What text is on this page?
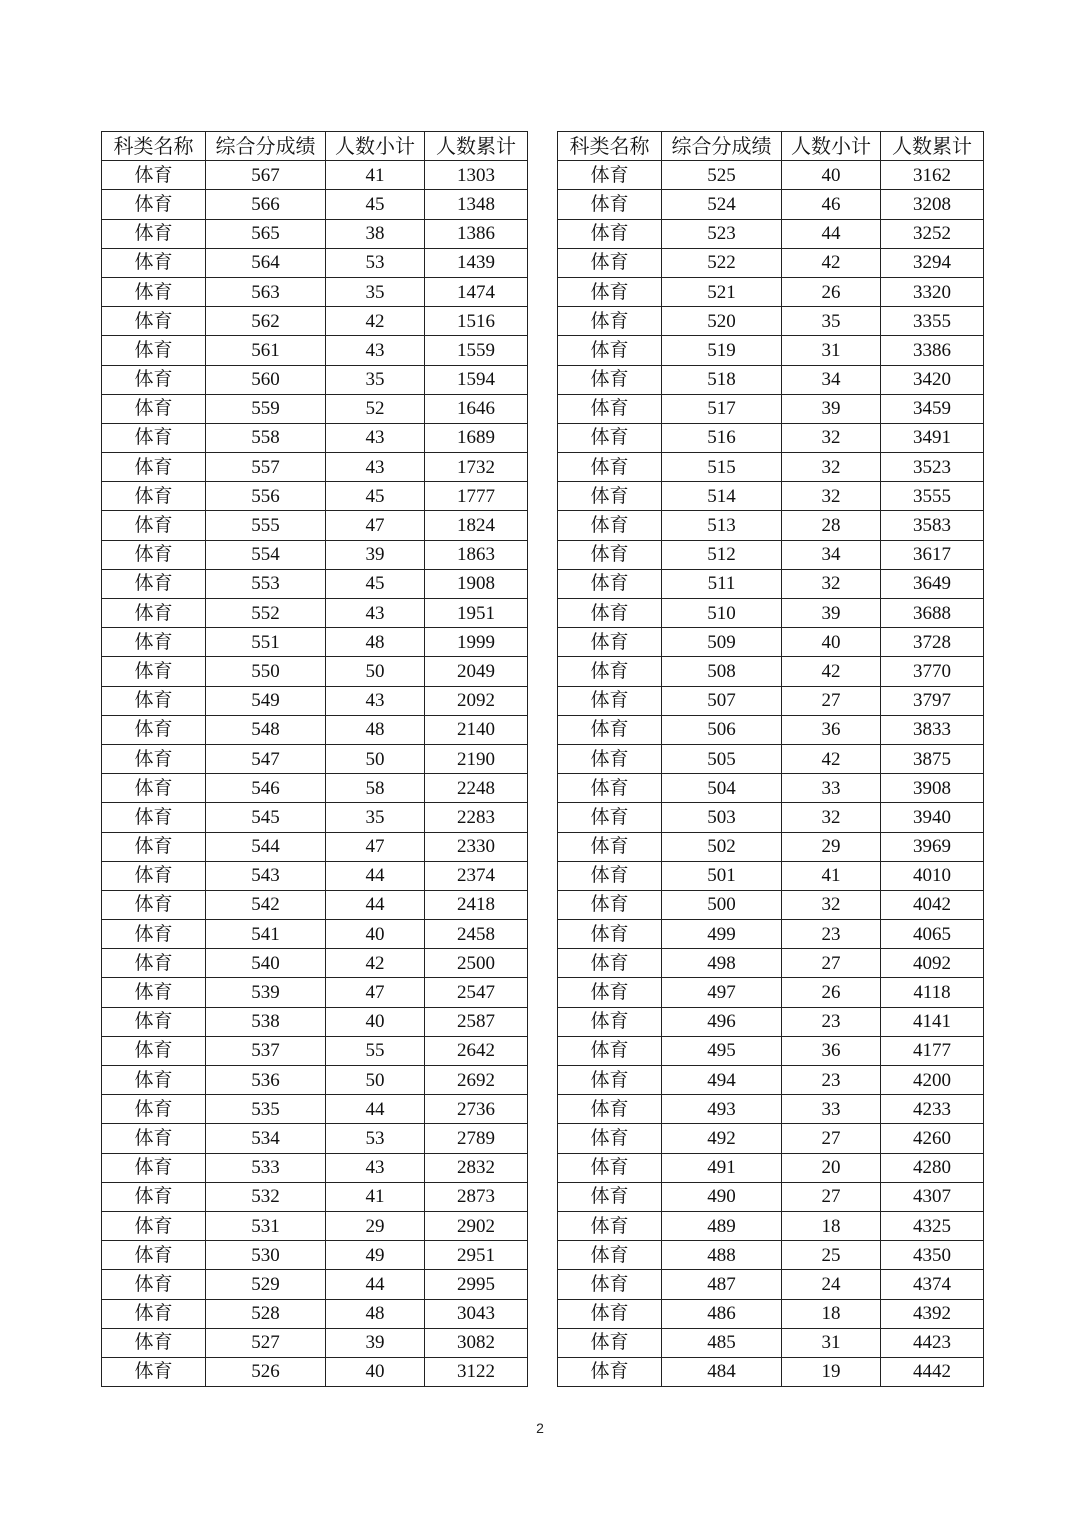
科类名称	综合分成绩	人数小计	人数累计
体育	567	41	1303
体育	566	45	1348
体育	565	38	1386
体育	564	53	1439
体育	563	35	1474
体育	562	42	1516
体育	561	43	1559
体育	560	35	1594
体育	559	52	1646
体育	558	43	1689
体育	557	43	1732
体育	556	45	1777
体育	555	47	1824
体育	554	39	1863
体育	553	45	1908
体育	552	43	1951
体育	551	48	1999
体育	550	50	2049
体育	549	43	2092
体育	548	48	2140
体育	547	50	2190
体育	546	58	2248
体育	545	35	2283
体育	544	47	2330
体育	543	44	2374
体育	542	44	2418
体育	541	40	2458
体育	540	42	2500
体育	539	47	2547
体育	538	40	2587
体育	537	55	2642
体育	536	50	2692
体育	535	44	2736
体育	534	53	2789
体育	533	43	2832
体育	532	41	2873
体育	531	29	2902
体育	530	49	2951
体育	529	44	2995
体育	528	48	3043
体育	527	39	3082
体育	526	40	3122
科类名称	综合分成绩	人数小计	人数累计
体育	525	40	3162
体育	524	46	3208
体育	523	44	3252
体育	522	42	3294
体育	521	26	3320
体育	520	35	3355
体育	519	31	3386
体育	518	34	3420
体育	517	39	3459
体育	516	32	3491
体育	515	32	3523
体育	514	32	3555
体育	513	28	3583
体育	512	34	3617
体育	511	32	3649
体育	510	39	3688
体育	509	40	3728
体育	508	42	3770
体育	507	27	3797
体育	506	36	3833
体育	505	42	3875
体育	504	33	3908
体育	503	32	3940
体育	502	29	3969
体育	501	41	4010
体育	500	32	4042
体育	499	23	4065
体育	498	27	4092
体育	497	26	4118
体育	496	23	4141
体育	495	36	4177
体育	494	23	4200
体育	493	33	4233
体育	492	27	4260
体育	491	20	4280
体育	490	27	4307
体育	489	18	4325
体育	488	25	4350
体育	487	24	4374
体育	486	18	4392
体育	485	31	4423
体育	484	19	4442
2
